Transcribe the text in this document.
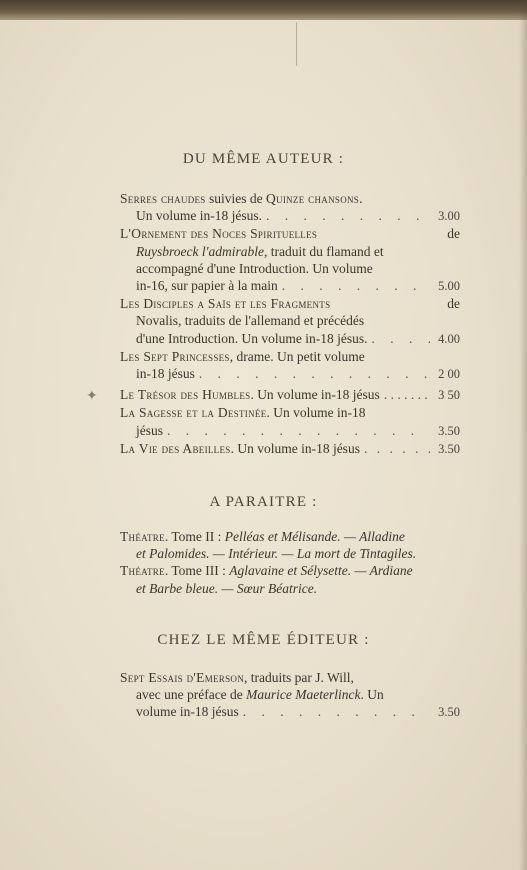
DU MÊME AUTEUR :
Serres chaudes suivies de Quinze chansons.
Un volume in-18 jésus. . . .	3.00
L'Ornement des Noces Spirituelles	de
Ruysbroeck l'admirable , traduit du flamand et
accompagné d'une Introduction. Un volume
in-16, sur papier à la main . . .	5.00
Les Disciples a Saïs et les Fragments	de
Novalis, traduits de l'allemand et précédés
d'une Introduction. Un volume in-18 jésus. . . .	4.00
Les Sept Princesses , drame. Un petit volume
in-18 jésus . . .	2 00
Le Trésor des Humbles . Un volume in-18 jésus . . .	3 50
La Sagesse et la Destinée . Un volume in-18
jésus . . .	3.50
La Vie des Abeilles . Un volume in-18 jésus . . .	3.50
A PARAITRE :
Théatre . Tome II :
Pelléas et Mélisande. — Alladine
et Palomides. — Intérieur. — La mort de Tintagiles.
Théatre . Tome III :
Aglavaine et Sélysette. — Ardiane
et Barbe bleue. — Sœur Béatrice.
CHEZ LE MÊME ÉDITEUR :
Sept Essais d'Emerson , traduits par J. Will,
avec une préface de
Maurice Maeterlinck . Un
volume in-18 jésus . . .	3.50
✦
